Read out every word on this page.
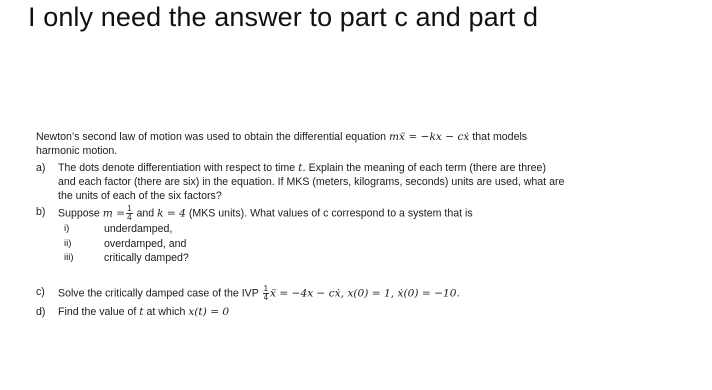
I only need the answer to part c and part d
Newton’s second law of motion was used to obtain the differential equation mẍ = −kx − cẋ that models
harmonic motion.
a)	The dots denote differentiation with respect to time t. Explain the meaning of each term (there are three)
and each factor (there are six) in the equation. If MKS (meters, kilograms, seconds) units are used, what are
the units of each of the six factors?
b)	Suppose $m = \frac{1}{4}$ and k = 4 (MKS units). What values of c correspond to a system that is
i)	underdamped,
ii)	overdamped, and
iii)	critically damped?
c)	Solve the critically damped case of the IVP $\frac{1}{4}$ ẍ = −4x − cẋ, x(0) = 1, ẋ(0) = −10.
d)	Find the value of t at which x(t) = 0
